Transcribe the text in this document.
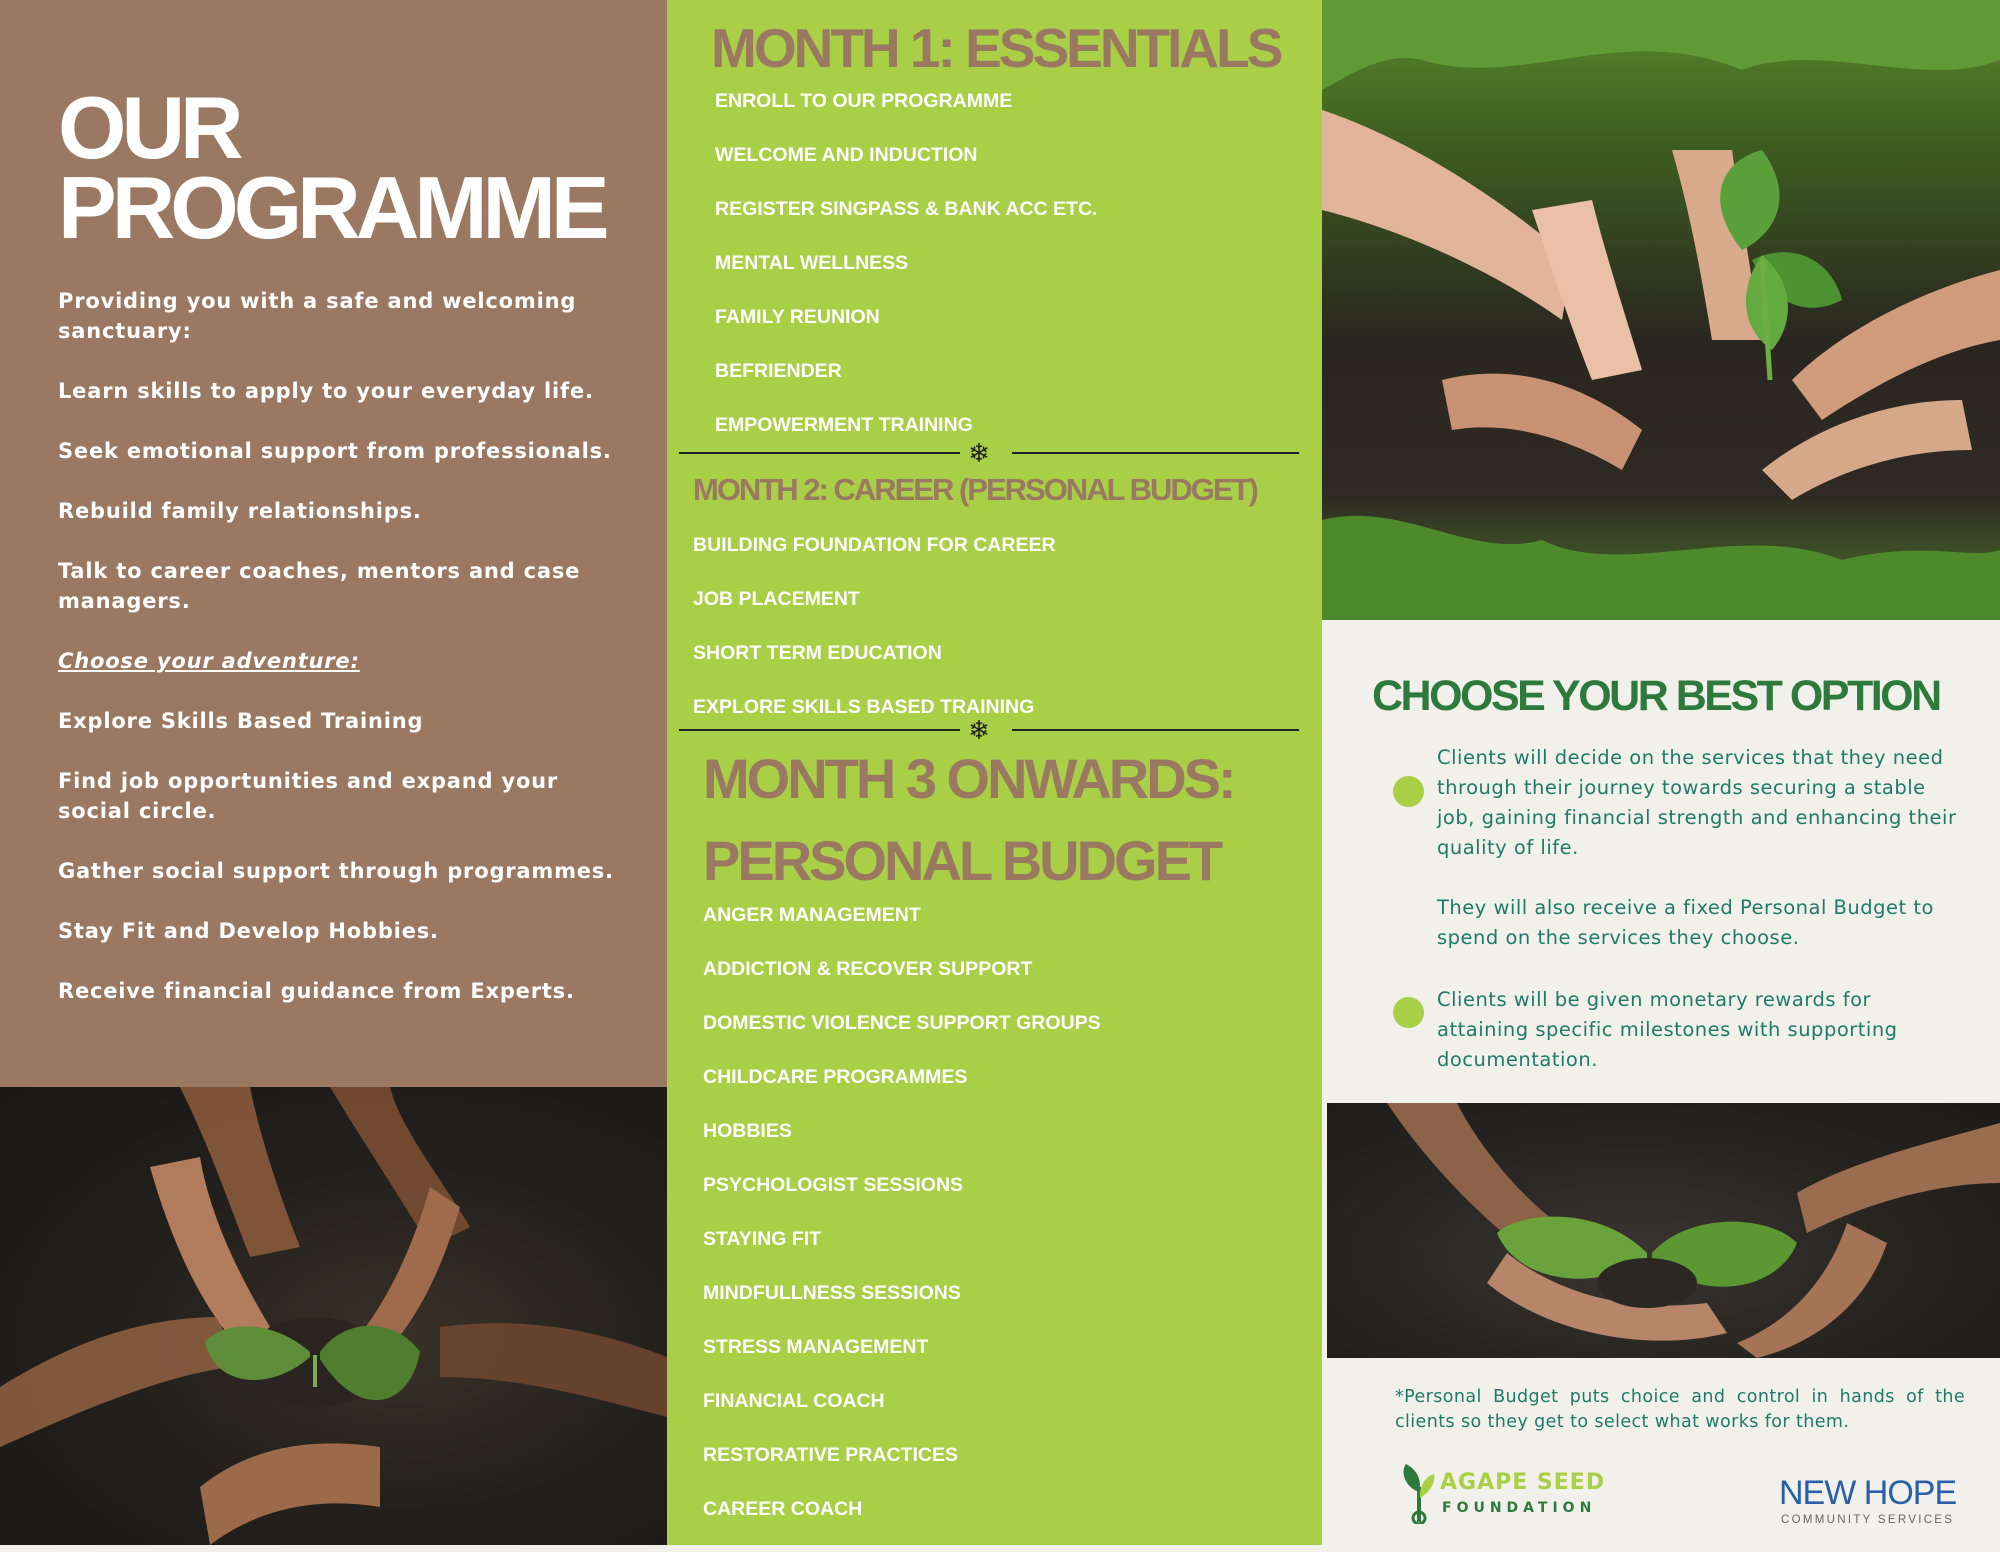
OUR
PROGRAMME

Providing you with a safe and welcoming sanctuary:

Learn skills to apply to your everyday life.

Seek emotional support from professionals.

Rebuild family relationships.

Talk to career coaches, mentors and case managers.

Choose your adventure:

Explore Skills Based Training

Find job opportunities and expand your social circle.

Gather social support through programmes.

Stay Fit and Develop Hobbies.

Receive financial guidance from Experts.

MONTH 1: ESSENTIALS
ENROLL TO OUR PROGRAMME
WELCOME AND INDUCTION
REGISTER SINGPASS & BANK ACC ETC.
MENTAL WELLNESS
FAMILY REUNION
BEFRIENDER
EMPOWERMENT TRAINING
❄
MONTH 2: CAREER (PERSONAL BUDGET)
BUILDING FOUNDATION FOR CAREER
JOB PLACEMENT
SHORT TERM EDUCATION
EXPLORE SKILLS BASED TRAINING
❄
MONTH 3 ONWARDS:
PERSONAL BUDGET
ANGER MANAGEMENT
ADDICTION & RECOVER SUPPORT
DOMESTIC VIOLENCE SUPPORT GROUPS
CHILDCARE PROGRAMMES
HOBBIES
PSYCHOLOGIST SESSIONS
STAYING FIT
MINDFULLNESS SESSIONS
STRESS MANAGEMENT
FINANCIAL COACH
RESTORATIVE PRACTICES
CAREER COACH
CHOOSE YOUR BEST OPTION

Clients will decide on the services that they need through their journey towards securing a stable job, gaining financial strength and enhancing their quality of life.

They will also receive a fixed Personal Budget to spend on the services they choose.

Clients will be given monetary rewards for attaining specific milestones with supporting documentation.

*Personal Budget puts choice and control in hands of the clients so they get to select what works for them.

AGAPE SEED
FOUNDATION	NEW HOPE
COMMUNITY SERVICES
